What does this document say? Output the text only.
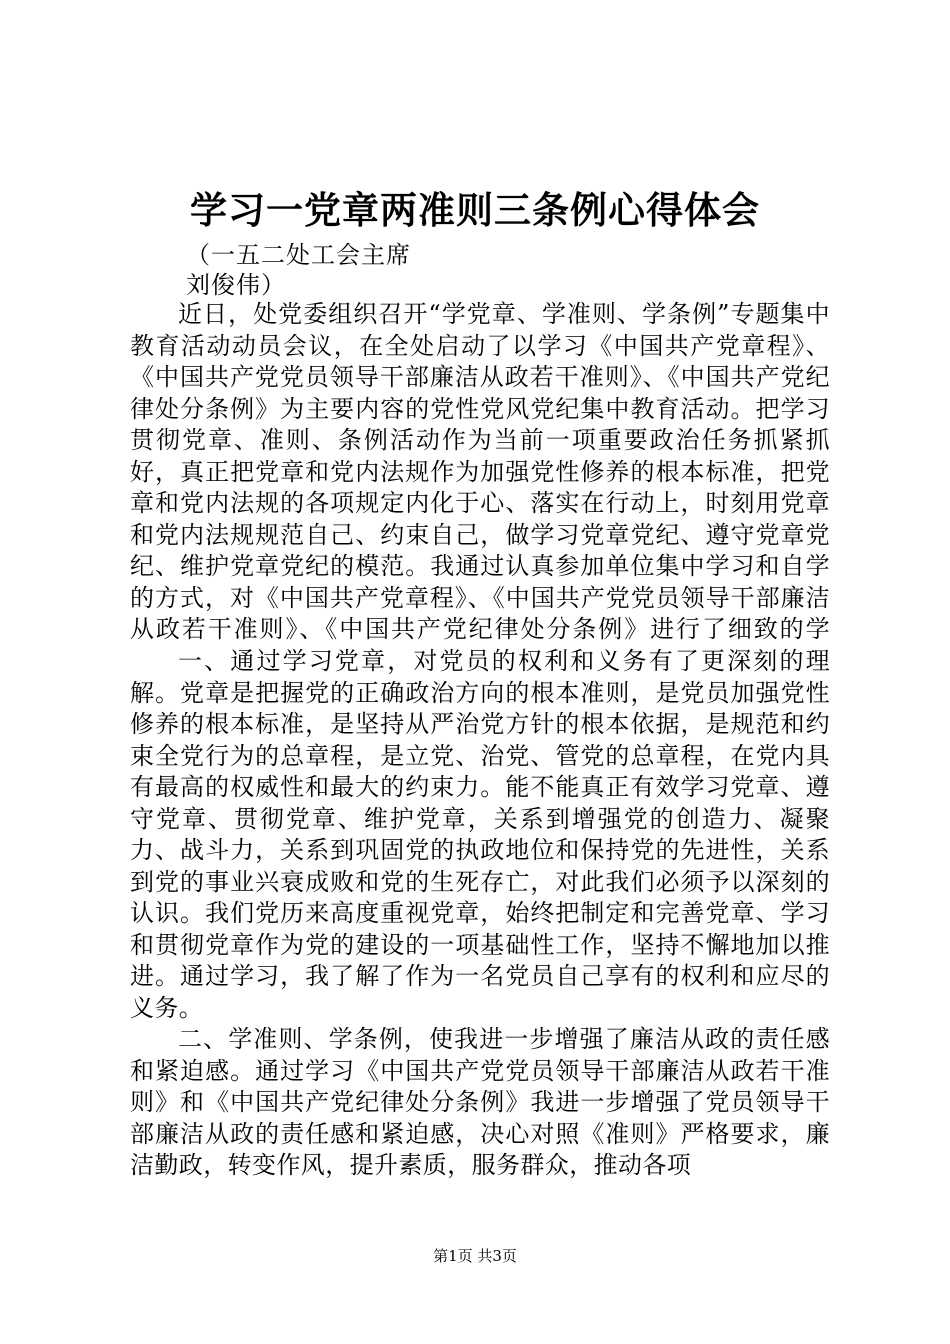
学习一党章两准则三条例心得体会
（一五二处工会主席
刘俊伟）

近日，处党委组织召开“学党章、学准则、学条例”专题集中教育活动动员会议，在全处启动了以学习《中国共产党章程》、《中国共产党党员领导干部廉洁从政若干准则》、《中国共产党纪律处分条例》为主要内容的党性党风党纪集中教育活动。把学习贯彻党章、准则、条例活动作为当前一项重要政治任务抓紧抓好，真正把党章和党内法规作为加强党性修养的根本标准，把党章和党内法规的各项规定内化于心、落实在行动上，时刻用党章和党内法规规范自己、约束自己，做学习党章党纪、遵守党章党纪、维护党章党纪的模范。我通过认真参加单位集中学习和自学的方式，对《中国共产党章程》、《中国共产党党员领导干部廉洁从政若干准则》、《中国共产党纪律处分条例》进行了细致的学

一、通过学习党章，对党员的权利和义务有了更深刻的理解。党章是把握党的正确政治方向的根本准则，是党员加强党性修养的根本标准，是坚持从严治党方针的根本依据，是规范和约束全党行为的总章程，是立党、治党、管党的总章程，在党内具有最高的权威性和最大的约束力。能不能真正有效学习党章、遵守党章、贯彻党章、维护党章，关系到增强党的创造力、凝聚力、战斗力，关系到巩固党的执政地位和保持党的先进性，关系到党的事业兴衰成败和党的生死存亡，对此我们必须予以深刻的认识。我们党历来高度重视党章，始终把制定和完善党章、学习和贯彻党章作为党的建设的一项基础性工作，坚持不懈地加以推进。通过学习，我了解了作为一名党员自己享有的权利和应尽的义务。

二、学准则、学条例，使我进一步增强了廉洁从政的责任感和紧迫感。通过学习《中国共产党党员领导干部廉洁从政若干准则》和《中国共产党纪律处分条例》我进一步增强了党员领导干部廉洁从政的责任感和紧迫感，决心对照《准则》严格要求，廉洁勤政，转变作风，提升素质，服务群众，推动各项

第1页 共3页
